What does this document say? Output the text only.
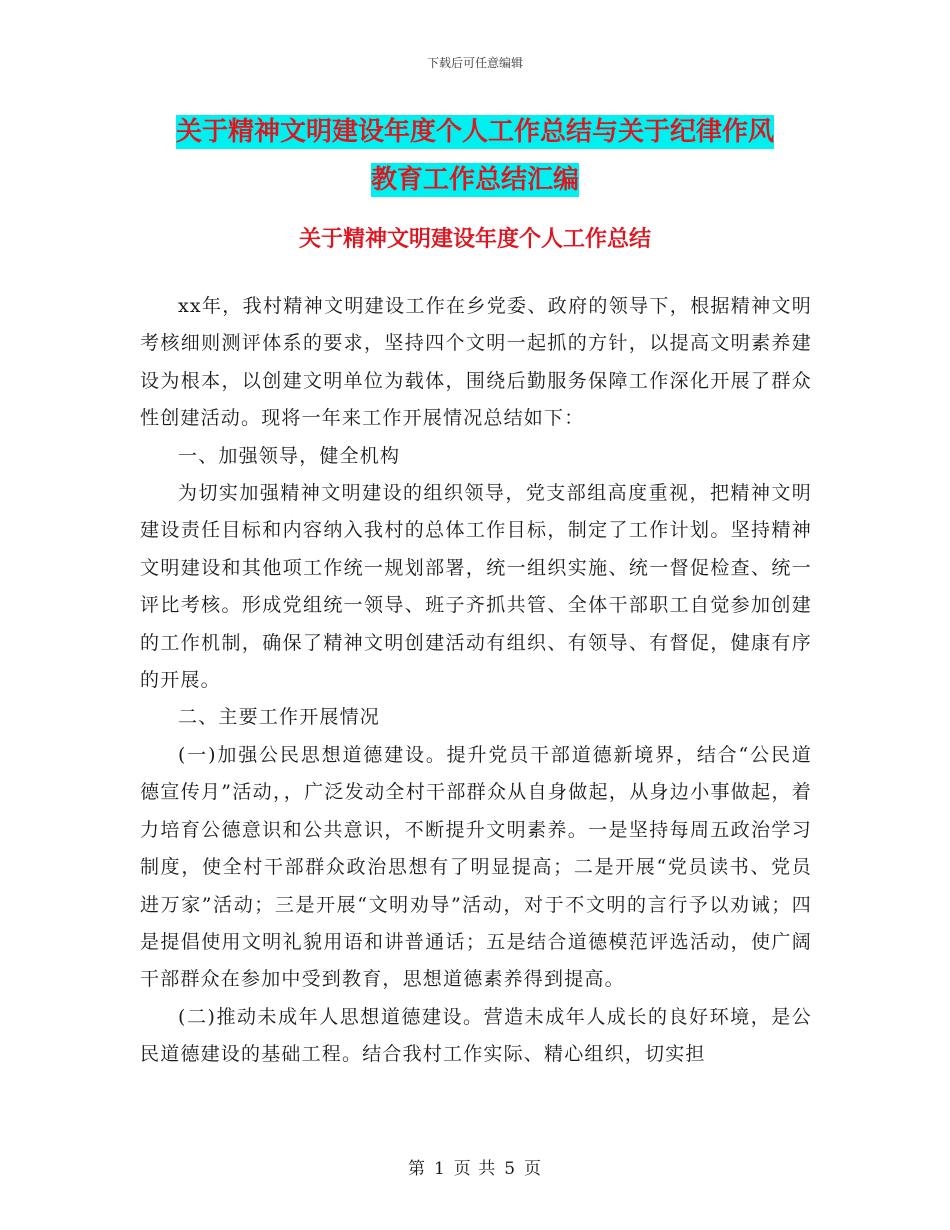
下载后可任意编辑
关于精神文明建设年度个人工作总结与关于纪律作风
教育工作总结汇编
关于精神文明建设年度个人工作总结

xx年，我村精神文明建设工作在乡党委、政府的领导下，根据精神文明考核细则测评体系的要求，坚持四个文明一起抓的方针，以提高文明素养建设为根本，以创建文明单位为载体，围绕后勤服务保障工作深化开展了群众性创建活动。现将一年来工作开展情况总结如下：

一、加强领导，健全机构

为切实加强精神文明建设的组织领导，党支部组高度重视，把精神文明建设责任目标和内容纳入我村的总体工作目标，制定了工作计划。坚持精神文明建设和其他项工作统一规划部署，统一组织实施、统一督促检查、统一评比考核。形成党组统一领导、班子齐抓共管、全体干部职工自觉参加创建的工作机制，确保了精神文明创建活动有组织、有领导、有督促，健康有序的开展。

二、主要工作开展情况

(一)加强公民思想道德建设。提升党员干部道德新境界，结合“公民道德宣传月”活动，，广泛发动全村干部群众从自身做起，从身边小事做起，着力培育公德意识和公共意识，不断提升文明素养。一是坚持每周五政治学习制度，使全村干部群众政治思想有了明显提高；二是开展“党员读书、党员进万家”活动；三是开展“文明劝导”活动，对于不文明的言行予以劝诫；四是提倡使用文明礼貌用语和讲普通话；五是结合道德模范评选活动，使广阔干部群众在参加中受到教育，思想道德素养得到提高。

(二)推动未成年人思想道德建设。营造未成年人成长的良好环境，是公民道德建设的基础工程。结合我村工作实际、精心组织，切实担

第 1 页 共 5 页
